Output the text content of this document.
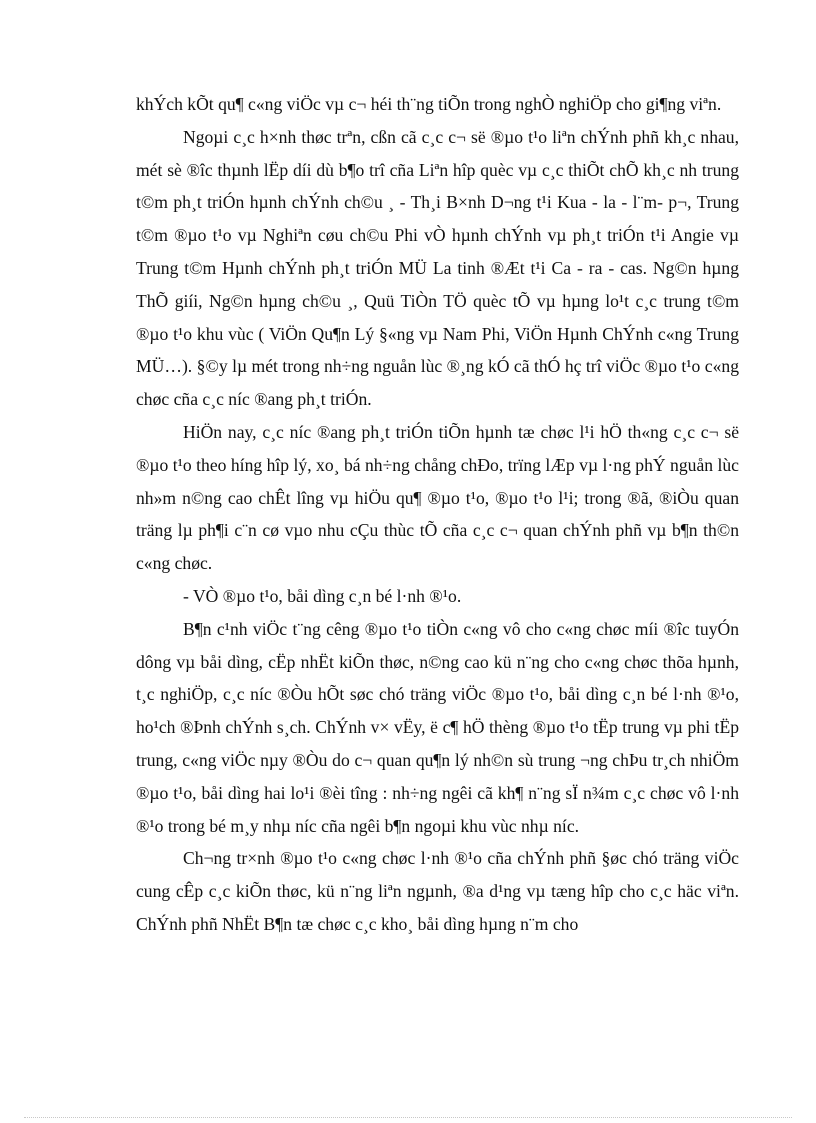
khÝch kÕt qu¶ c«ng viÖc vµ c¬ héi th¨ng tiÕn trong nghÒ nghiÖp cho gi¶ng viªn.

Ngoµi c¸c h×nh thøc trªn, cßn cã c¸c c¬ së ®µo t¹o liªn chÝnh phñ kh¸c nhau, mét sè ®îc thµnh lËp díi dù b¶o trî cña Liªn hîp quèc vµ c¸c thiÕt chÕ kh¸c nh trung t©m ph¸t triÓn hµnh chÝnh ch©u ¸ - Th¸i B×nh D¬ng t¹i Kua - la - l¨m- p¬, Trung t©m ®µo t¹o vµ Nghiªn cøu ch©u Phi vÒ hµnh chÝnh vµ ph¸t triÓn t¹i Angie vµ Trung t©m Hµnh chÝnh ph¸t triÓn MÜ La tinh ®Æt t¹i Ca - ra - cas. Ng©n hµng ThÕ giíi, Ng©n hµng ch©u ¸, Quü TiÒn TÖ quèc tÕ vµ hµng lo¹t c¸c trung t©m ®µo t¹o khu vùc ( ViÖn Qu¶n Lý §«ng vµ Nam Phi, ViÖn Hµnh ChÝnh c«ng Trung MÜ…). §©y lµ mét trong nh÷ng nguån lùc ®¸ng kÓ cã thÓ hç trî viÖc ®µo t¹o c«ng chøc cña c¸c níc ®ang ph¸t triÓn.

HiÖn nay, c¸c níc ®ang ph¸t triÓn tiÕn hµnh tæ chøc l¹i hÖ th«ng c¸c c¬ së ®µo t¹o theo híng hîp lý, xo¸ bá nh÷ng chång chÐo, trïng lÆp vµ l·ng phÝ nguån lùc nh»m n©ng cao chÊt lîng vµ hiÖu qu¶ ®µo t¹o, ®µo t¹o l¹i; trong ®ã, ®iÒu quan träng lµ ph¶i c¨n cø vµo nhu cÇu thùc tÕ cña c¸c c¬ quan chÝnh phñ vµ b¶n th©n c«ng chøc.

- VÒ ®µo t¹o, båi dìng c¸n bé l·nh ®¹o.

B¶n c¹nh viÖc t¨ng cêng ®µo t¹o tiÒn c«ng vô cho c«ng chøc míi ®îc tuyÓn dông vµ båi dìng, cËp nhËt kiÕn thøc, n©ng cao kü n¨ng cho c«ng chøc thõa hµnh, t¸c nghiÖp, c¸c níc ®Òu hÕt søc chó träng viÖc ®µo t¹o, båi dìng c¸n bé l·nh ®¹o, ho¹ch ®Þnh chÝnh s¸ch. ChÝnh v× vËy, ë c¶ hÖ thèng ®µo t¹o tËp trung vµ phi tËp trung, c«ng viÖc nµy ®Òu do c¬ quan qu¶n lý nh©n sù trung ¬ng chÞu tr¸ch nhiÖm ®µo t¹o, båi dìng hai lo¹i ®èi tîng : nh÷ng ngêi cã kh¶ n¨ng sÏ n¾m c¸c chøc vô l·nh ®¹o trong bé m¸y nhµ níc cña ngêi b¶n ngoµi khu vùc nhµ níc.

Ch¬ng tr×nh ®µo t¹o c«ng chøc l·nh ®¹o cña chÝnh phñ §øc chó träng viÖc cung cÊp c¸c kiÕn thøc, kü n¨ng liªn ngµnh, ®a d¹ng vµ tæng hîp cho c¸c häc viªn. ChÝnh phñ NhËt B¶n tæ chøc c¸c kho¸ båi dìng hµng n¨m cho
